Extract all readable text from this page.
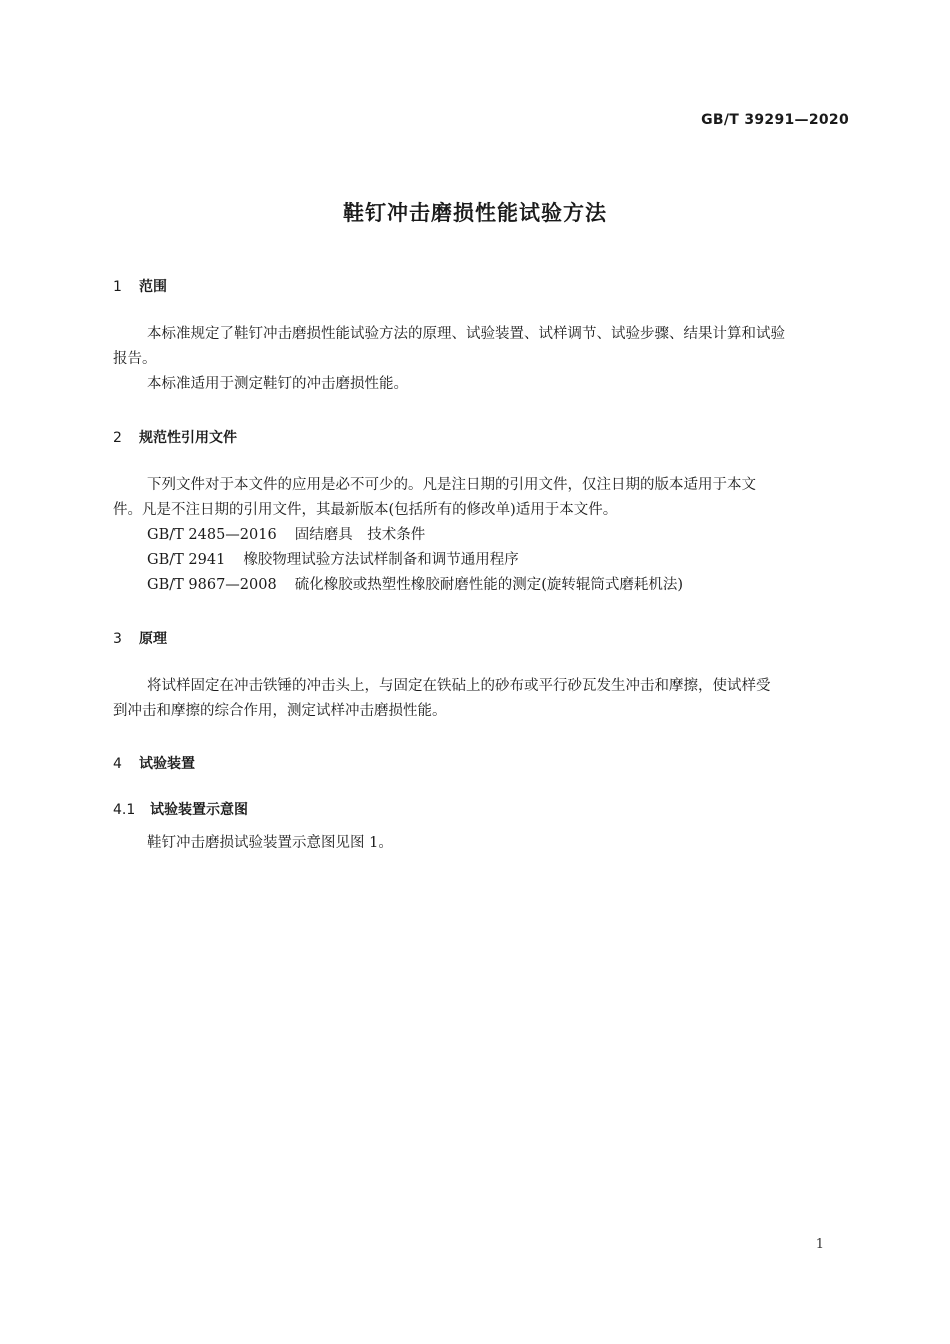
GB/T 39291—2020
鞋钉冲击磨损性能试验方法
1 范围
本标准规定了鞋钉冲击磨损性能试验方法的原理、试验装置、试样调节、试验步骤、结果计算和试验
报告。
本标准适用于测定鞋钉的冲击磨损性能。
2 规范性引用文件
下列文件对于本文件的应用是必不可少的。凡是注日期的引用文件，仅注日期的版本适用于本文
件。凡是不注日期的引用文件，其最新版本(包括所有的修改单)适用于本文件。
GB/T 2485—2016 固结磨具　技术条件
GB/T 2941 橡胶物理试验方法试样制备和调节通用程序
GB/T 9867—2008 硫化橡胶或热塑性橡胶耐磨性能的测定(旋转辊筒式磨耗机法)
3 原理
将试样固定在冲击铁锤的冲击头上，与固定在铁砧上的砂布或平行砂瓦发生冲击和摩擦，使试样受
到冲击和摩擦的综合作用，测定试样冲击磨损性能。
4 试验装置
4.1 试验装置示意图
鞋钉冲击磨损试验装置示意图见图 1。
1
